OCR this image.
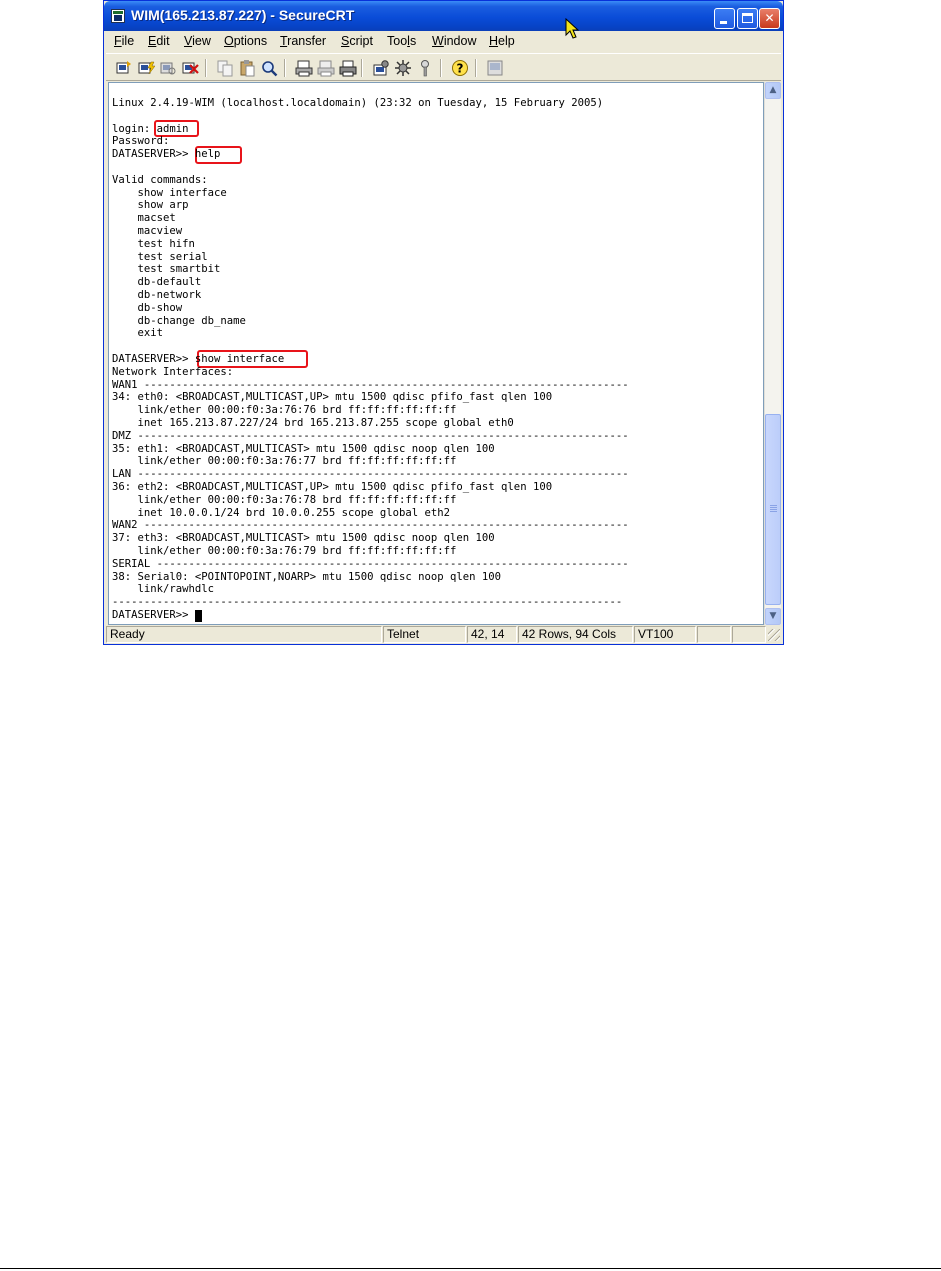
WIM(165.213.87.227) - SecureCRT	✕
File Edit View Options Transfer Script Tools Window Help
?
Linux 2.4.19-WIM (localhost.localdomain) (23:32 on Tuesday, 15 February 2005)
login: admin
Password:
DATASERVER>> help
Valid commands:
show interface
show arp
macset
macview
test hifn
test serial
test smartbit
db-default
db-network
db-show
db-change db_name
exit
DATASERVER>> show interface
Network Interfaces:
WAN1 ----------------------------------------------------------------------------
34: eth0: <BROADCAST,MULTICAST,UP> mtu 1500 qdisc pfifo_fast qlen 100
link/ether 00:00:f0:3a:76:76 brd ff:ff:ff:ff:ff:ff
inet 165.213.87.227/24 brd 165.213.87.255 scope global eth0
DMZ -----------------------------------------------------------------------------
35: eth1: <BROADCAST,MULTICAST> mtu 1500 qdisc noop qlen 100
link/ether 00:00:f0:3a:76:77 brd ff:ff:ff:ff:ff:ff
LAN -----------------------------------------------------------------------------
36: eth2: <BROADCAST,MULTICAST,UP> mtu 1500 qdisc pfifo_fast qlen 100
link/ether 00:00:f0:3a:76:78 brd ff:ff:ff:ff:ff:ff
inet 10.0.0.1/24 brd 10.0.0.255 scope global eth2
WAN2 ----------------------------------------------------------------------------
37: eth3: <BROADCAST,MULTICAST> mtu 1500 qdisc noop qlen 100
link/ether 00:00:f0:3a:76:79 brd ff:ff:ff:ff:ff:ff
SERIAL --------------------------------------------------------------------------
38: Serial0: <POINTOPOINT,NOARP> mtu 1500 qdisc noop qlen 100
link/rawhdlc
--------------------------------------------------------------------------------
DATASERVER>>
▲
▼
Ready	Telnet	42, 14	42 Rows, 94 Cols	VT100
